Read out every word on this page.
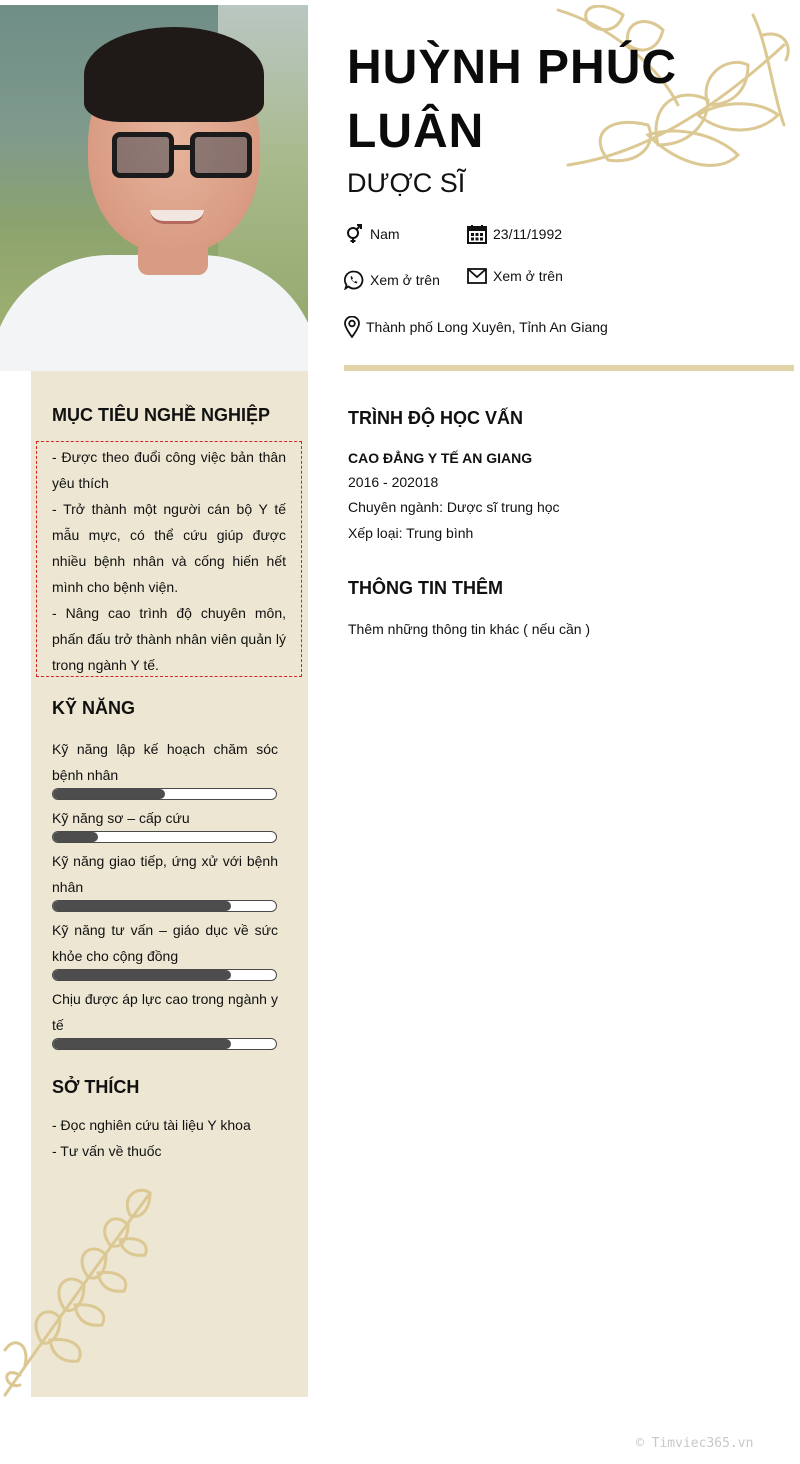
HUỲNH PHÚC LUÂN
DƯỢC SĨ
Nam	23/11/1992
Xem ở trên	Xem ở trên
Thành phố Long Xuyên, Tỉnh An Giang
MỤC TIÊU NGHỀ NGHIỆP
- Được theo đuổi công việc bản thân yêu thích
- Trở thành một người cán bộ Y tế mẫu mực, có thể cứu giúp được nhiều bệnh nhân và cống hiến hết mình cho bệnh viện.
- Nâng cao trình độ chuyên môn, phấn đấu trở thành nhân viên quản lý trong ngành Y tế.
KỸ NĂNG
Kỹ năng lập kế hoạch chăm sóc bệnh nhân
Kỹ năng sơ – cấp cứu
Kỹ năng giao tiếp, ứng xử với bệnh nhân
Kỹ năng tư vấn – giáo dục về sức khỏe cho cộng đồng
Chịu được áp lực cao trong ngành y tế
SỞ THÍCH
- Đọc nghiên cứu tài liệu Y khoa
- Tư vấn về thuốc
TRÌNH ĐỘ HỌC VẤN
CAO ĐẲNG Y TẾ AN GIANG
2016 - 202018
Chuyên ngành: Dược sĩ trung học
Xếp loại: Trung bình
THÔNG TIN THÊM
Thêm những thông tin khác ( nếu cần )
© Timviec365.vn
